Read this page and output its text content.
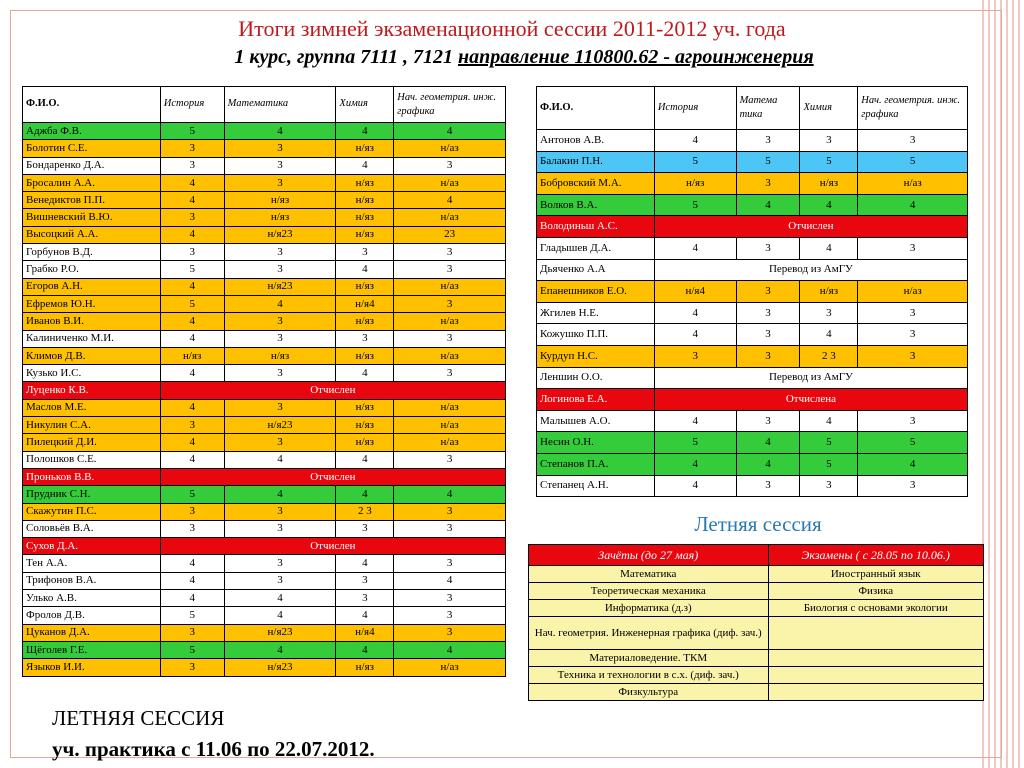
Итоги зимней экзаменационной сессии 2011-2012 уч. года
1 курс, группа 7111 , 7121 направление 110800.62 - агроинженерия
Ф.И.О.	История	Математика	Химия	Нач. геометрия. инж. графика
Аджба Ф.В.	5	4	4	4
Болотин С.Е.	3	3	н/яз	н/аз
Бондаренко Д.А.	3	3	4	3
Бросалин А.А.	4	3	н/яз	н/аз
Венедиктов П.П.	4	н/яз	н/яз	4
Вишневский В.Ю.	3	н/яз	н/яз	н/аз
Высоцкий А.А.	4	н/я23	н/яз	23
Горбунов В.Д.	3	3	3	3
Грабко Р.О.	5	3	4	3
Егоров А.Н.	4	н/я23	н/яз	н/аз
Ефремов Ю.Н.	5	4	н/я4	3
Иванов В.И.	4	3	н/яз	н/аз
Калиниченко М.И.	4	3	3	3
Климов Д.В.	н/яз	н/яз	н/яз	н/аз
Кузько И.С.	4	3	4	3
Луценко К.В.	Отчислен			
Маслов М.Е.	4	3	н/яз	н/аз
Никулин С.А.	3	н/я23	н/яз	н/аз
Пилецкий Д.И.	4	3	н/яз	н/аз
Полошков С.Е.	4	4	4	3
Проньков В.В.	Отчислен			
Прудник С.Н.	5	4	4	4
Скажутин П.С.	3	3	2 3	3
Соловьёв В.А.	3	3	3	3
Сухов Д.А.	Отчислен			
Тен А.А.	4	3	4	3
Трифонов В.А.	4	3	3	4
Улько А.В.	4	4	3	3
Фролов Д.В.	5	4	4	3
Цуканов Д.А.	3	н/я23	н/я4	3
Щёголев Г.Е.	5	4	4	4
Языков И.И.	3	н/я23	н/яз	н/аз
Ф.И.О.	История	Матема тика	Химия	Нач. геометрия. инж. графика
Антонов А.В.	4	3	3	3
Балакин П.Н.	5	5	5	5
Бобровский М.А.	н/яз	3	н/яз	н/аз
Волков В.А.	5	4	4	4
Володиньш А.С.	Отчислен			
Гладышев Д.А.	4	3	4	3
Дьяченко А.А	Перевод из АмГУ			
Епанешников Е.О.	н/я4	3	н/яз	н/аз
Жгилев Н.Е.	4	3	3	3
Кожушко П.П.	4	3	4	3
Курдуп Н.С.	3	3	2 3	3
Леншин О.О.	Перевод из АмГУ			
Логинова Е.А.	Отчислена			
Малышев А.О.	4	3	4	3
Несин О.Н.	5	4	5	5
Степанов П.А.	4	4	5	4
Степанец А.Н.	4	3	3	3
Летняя сессия
Зачёты (до 27 мая)	Экзамены ( с 28.05 по 10.06.)
Математика	Иностранный язык
Теоретическая механика	Физика
Информатика (д.з)	Биология с основами экологии
Нач. геометрия. Инженерная графика (диф. зач.)	
Материаловедение. ТКМ	
Техника и технологии в с.х. (диф. зач.)	
Физкультура	
ЛЕТНЯЯ СЕССИЯ
уч. практика с 11.06 по 22.07.2012.
